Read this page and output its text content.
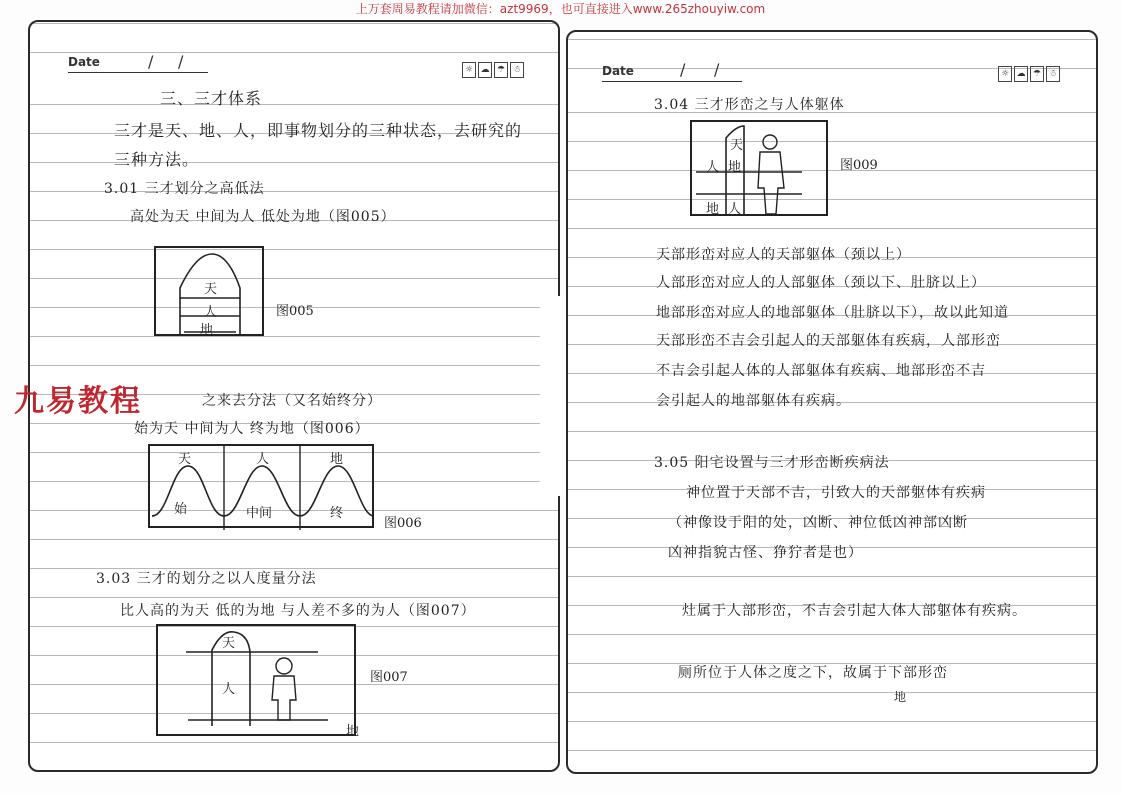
上万套周易教程请加微信：azt9969，也可直接进入www.265zhouyiw.com
Date	/ /	☼ ☁ ☂ ☃
三、三才体系
三才是天、地、人，即事物划分的三种状态，去研究的
三种方法。
3.01 三才划分之高低法
高处为天 中间为人 低处为地（图005）
天
人
地
图005
之来去分法（又名始终分）
始为天 中间为人 终为地（图006）
天	人	地
始	中间	终
图006
3.03 三才的划分之以人度量分法
比人高的为天 低的为地 与人差不多的为人（图007）
天
人
地
图007
Date	/ /	☼ ☁ ☂ ☃
3.04 三才形峦之与人体躯体
天
人 地
地 人
图009
天部形峦对应人的天部躯体（颈以上）
人部形峦对应人的人部躯体（颈以下、肚脐以上）
地部形峦对应人的地部躯体（肚脐以下），故以此知道
天部形峦不吉会引起人的天部躯体有疾病，人部形峦
不吉会引起人体的人部躯体有疾病、地部形峦不吉
会引起人的地部躯体有疾病。
3.05 阳宅设置与三才形峦断疾病法
神位置于天部不吉，引致人的天部躯体有疾病
（神像设于阳的处，凶断、神位低凶神部凶断
凶神指貌古怪、狰狞者是也）
灶属于人部形峦，不吉会引起人体人部躯体有疾病。
厕所位于人体之度之下，故属于下部形峦
地
九易教程
